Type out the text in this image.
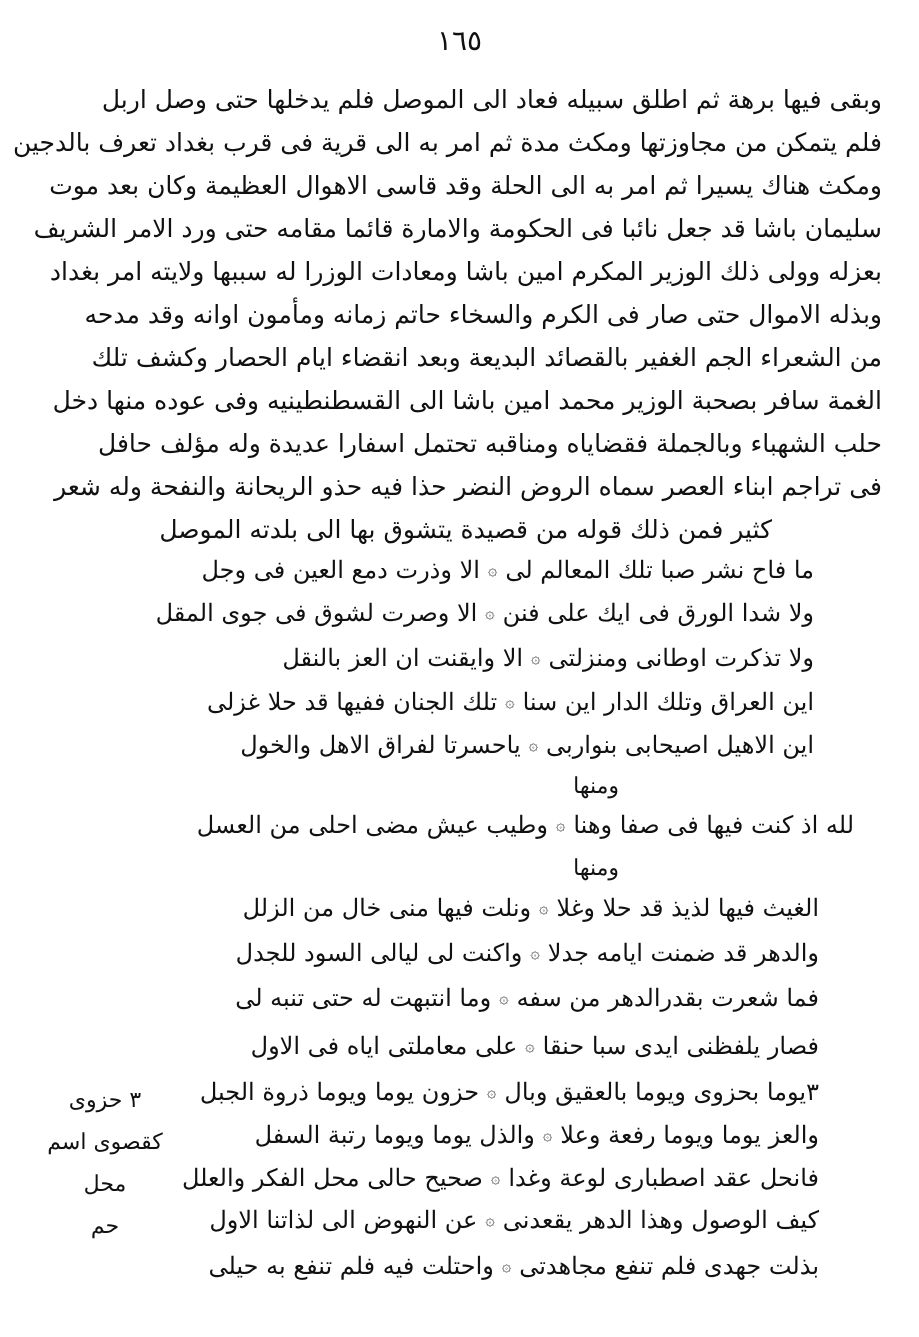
١٦٥
وبقى فيها برهة ثم اطلق سبيله فعاد الى الموصل فلم يدخلها حتى وصل اربل
فلم يتمكن من مجاوزتها ومكث مدة ثم امر به الى قرية فى قرب بغداد تعرف بالدجين
ومكث هناك يسيرا ثم امر به الى الحلة وقد قاسى الاهوال العظيمة وكان بعد موت
سليمان باشا قد جعل نائبا فى الحكومة والامارة قائما مقامه حتى ورد الامر الشريف
بعزله وولى ذلك الوزير المكرم امين باشا ومعادات الوزرا له سببها ولايته امر بغداد
وبذله الاموال حتى صار فى الكرم والسخاء حاتم زمانه ومأمون اوانه وقد مدحه
من الشعراء الجم الغفير بالقصائد البديعة وبعد انقضاء ايام الحصار وكشف تلك
الغمة سافر بصحبة الوزير محمد امين باشا الى القسطنطينيه وفى عوده منها دخل
حلب الشهباء وبالجملة فقضاياه ومناقبه تحتمل اسفارا عديدة وله مؤلف حافل
فى تراجم ابناء العصر سماه الروض النضر حذا فيه حذو الريحانة والنفحة وله شعر
كثير فمن ذلك قوله من قصيدة يتشوق بها الى بلدته الموصل
ما فاح نشر صبا تلك المعالم لى
۞
الا وذرت دمع العين فى وجل
ولا شدا الورق فى ايك على فنن
۞
الا وصرت لشوق فى جوى المقل
ولا تذكرت اوطانى ومنزلتى
۞
الا وايقنت ان العز بالنقل
اين العراق وتلك الدار اين سنا
۞
تلك الجنان ففيها قد حلا غزلى
اين الاهيل اصيحابى بنواربى
۞
ياحسرتا لفراق الاهل والخول
ومنها
لله اذ كنت فيها فى صفا وهنا
۞
وطيب عيش مضى احلى من العسل
ومنها
الغيث فيها لذيذ قد حلا وغلا
۞
ونلت فيها منى خال من الزلل
والدهر قد ضمنت ايامه جدلا
۞
واكنت لى ليالى السود للجدل
فما شعرت بقدرالدهر من سفه
۞
وما انتبهت له حتى تنبه لى
فصار يلفظنى ايدى سبا حنقا
۞
على معاملتى اياه فى الاول
٣يوما بحزوى ويوما بالعقيق وبال
۞
حزون يوما ويوما ذروة الجبل
والعز يوما ويوما رفعة وعلا
۞
والذل يوما ويوما رتبة السفل
فانحل عقد اصطبارى لوعة وغدا
۞
صحيح حالى محل الفكر والعلل
كيف الوصول وهذا الدهر يقعدنى
۞
عن النهوض الى لذاتنا الاول
بذلت جهدى فلم تنفع مجاهدتى
۞
واحتلت فيه فلم تنفع به حيلى
٣ حزوى
كقصوى اسم محل
حم
